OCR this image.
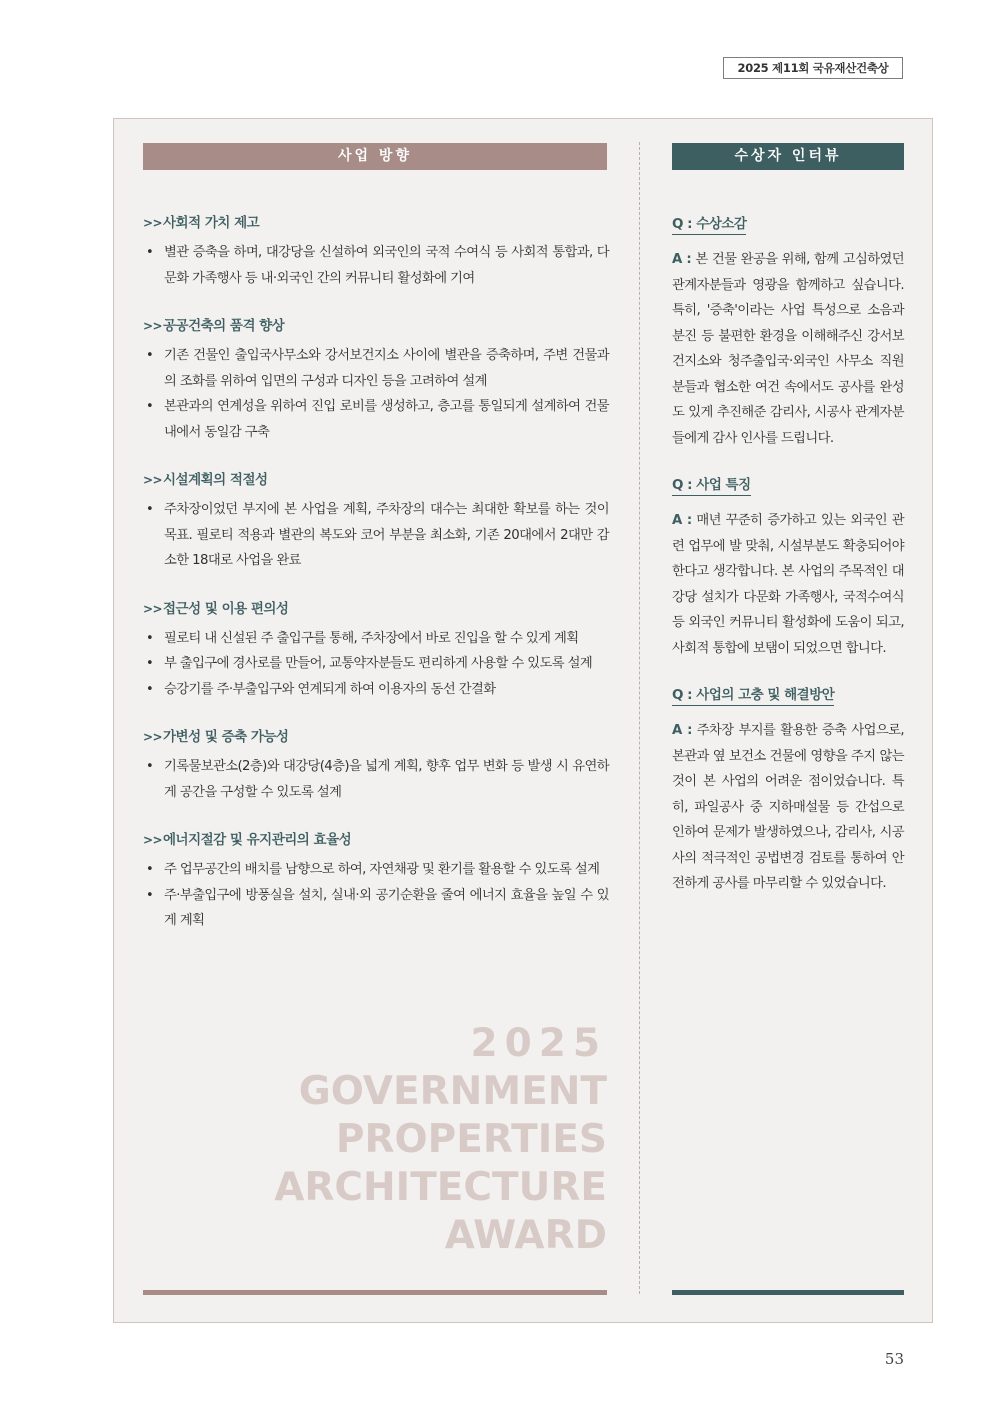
2025 제11회 국유재산건축상
사업 방향	수상자 인터뷰
>>사회적 가치 제고
• 별관 증축을 하며, 대강당을 신설하여 외국인의 국적 수여식 등 사회적 통합과, 다문화 가족행사 등 내·외국인 간의 커뮤니티 활성화에 기여
>>공공건축의 품격 향상
• 기존 건물인 출입국사무소와 강서보건지소 사이에 별관을 증축하며, 주변 건물과의 조화를 위하여 입면의 구성과 디자인 등을 고려하여 설계
• 본관과의 연계성을 위하여 진입 로비를 생성하고, 층고를 통일되게 설계하여 건물 내에서 동일감 구축
>>시설계획의 적절성
• 주차장이었던 부지에 본 사업을 계획, 주차장의 대수는 최대한 확보를 하는 것이 목표. 필로티 적용과 별관의 복도와 코어 부분을 최소화, 기존 20대에서 2대만 감소한 18대로 사업을 완료
>>접근성 및 이용 편의성
• 필로티 내 신설된 주 출입구를 통해, 주차장에서 바로 진입을 할 수 있게 계획
• 부 출입구에 경사로를 만들어, 교통약자분들도 편리하게 사용할 수 있도록 설계
• 승강기를 주·부출입구와 연계되게 하여 이용자의 동선 간결화
>>가변성 및 증축 가능성
• 기록물보관소(2층)와 대강당(4층)을 넓게 계획, 향후 업무 변화 등 발생 시 유연하게 공간을 구성할 수 있도록 설계
>>에너지절감 및 유지관리의 효율성
• 주 업무공간의 배치를 남향으로 하여, 자연채광 및 환기를 활용할 수 있도록 설계
• 주·부출입구에 방풍실을 설치, 실내·외 공기순환을 줄여 에너지 효율을 높일 수 있게 계획
Q : 수상소감
A : 본 건물 완공을 위해, 함께 고심하였던 관계자분들과 영광을 함께하고 싶습니다. 특히, '증축'이라는 사업 특성으로 소음과 분진 등 불편한 환경을 이해해주신 강서보건지소와 청주출입국·외국인 사무소 직원분들과 협소한 여건 속에서도 공사를 완성도 있게 추진해준 감리사, 시공사 관계자분들에게 감사 인사를 드립니다.
Q : 사업 특징
A : 매년 꾸준히 증가하고 있는 외국인 관련 업무에 발 맞춰, 시설부분도 확충되어야 한다고 생각합니다. 본 사업의 주목적인 대강당 설치가 다문화 가족행사, 국적수여식 등 외국인 커뮤니티 활성화에 도움이 되고, 사회적 통합에 보탬이 되었으면 합니다.
Q : 사업의 고충 및 해결방안
A : 주차장 부지를 활용한 증축 사업으로, 본관과 옆 보건소 건물에 영향을 주지 않는 것이 본 사업의 어려운 점이었습니다. 특히, 파일공사 중 지하매설물 등 간섭으로 인하여 문제가 발생하였으나, 감리사, 시공사의 적극적인 공법변경 검토를 통하여 안전하게 공사를 마무리할 수 있었습니다.
2025
GOVERNMENT
PROPERTIES
ARCHITECTURE
AWARD
53
